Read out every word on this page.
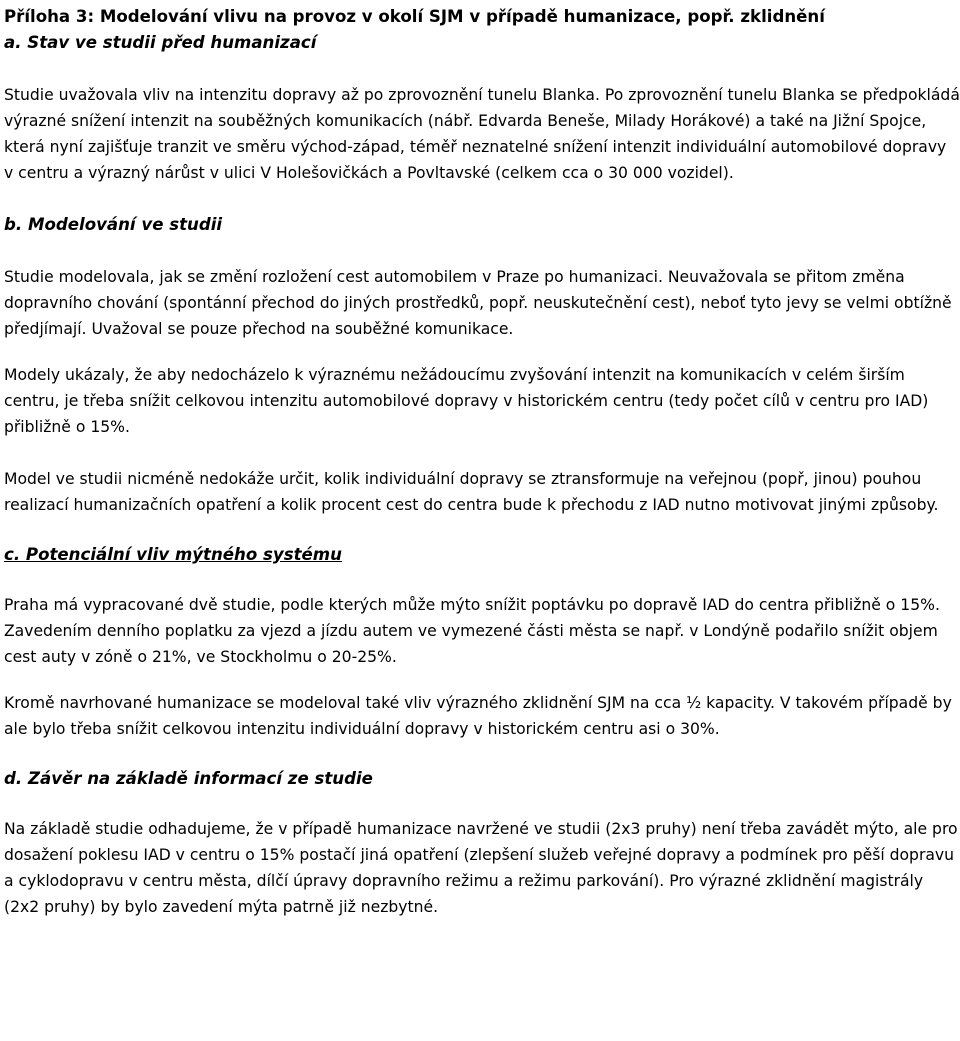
Příloha 3: Modelování vlivu na provoz v okolí SJM v případě humanizace, popř. zklidnění

a. Stav ve studii před humanizací

Studie uvažovala vliv na intenzitu dopravy až po zprovoznění tunelu Blanka. Po zprovoznění tunelu Blanka se předpokládá výrazné snížení intenzit na souběžných komunikacích (nábř. Edvarda Beneše, Milady Horákové) a také na Jižní Spojce, která nyní zajišťuje tranzit ve směru východ-západ, téměř neznatelné snížení intenzit individuální automobilové dopravy v centru a výrazný nárůst v ulici V Holešovičkách a Povltavské (celkem cca o 30 000 vozidel).

b. Modelování ve studii

Studie modelovala, jak se změní rozložení cest automobilem v Praze po humanizaci. Neuvažovala se přitom změna dopravního chování (spontánní přechod do jiných prostředků, popř. neuskutečnění cest), neboť tyto jevy se velmi obtížně předjímají. Uvažoval se pouze přechod na souběžné komunikace.

Modely ukázaly, že aby nedocházelo k výraznému nežádoucímu zvyšování intenzit na komunikacích v celém širším centru, je třeba snížit celkovou intenzitu automobilové dopravy v historickém centru (tedy počet cílů v centru pro IAD) přibližně o 15%.

Model ve studii nicméně nedokáže určit, kolik individuální dopravy se ztransformuje na veřejnou (popř, jinou) pouhou realizací humanizačních opatření a kolik procent cest do centra bude k přechodu z IAD nutno motivovat jinými způsoby.

c. Potenciální vliv mýtného systému

Praha má vypracované dvě studie, podle kterých může mýto snížit poptávku po dopravě IAD do centra přibližně o 15%. Zavedením denního poplatku za vjezd a jízdu autem ve vymezené části města se např. v Londýně podařilo snížit objem cest auty v zóně o 21%, ve Stockholmu o 20-25%.

Kromě navrhované humanizace se modeloval také vliv výrazného zklidnění SJM na cca ½ kapacity. V takovém případě by ale bylo třeba snížit celkovou intenzitu individuální dopravy v historickém centru asi o 30%.

d. Závěr na základě informací ze studie

Na základě studie odhadujeme, že v případě humanizace navržené ve studii (2x3 pruhy) není třeba zavádět mýto, ale pro dosažení poklesu IAD v centru o 15% postačí jiná opatření (zlepšení služeb veřejné dopravy a podmínek pro pěší dopravu a cyklodopravu v centru města, dílčí úpravy dopravního režimu a režimu parkování). Pro výrazné zklidnění magistrály (2x2 pruhy) by bylo zavedení mýta patrně již nezbytné.
